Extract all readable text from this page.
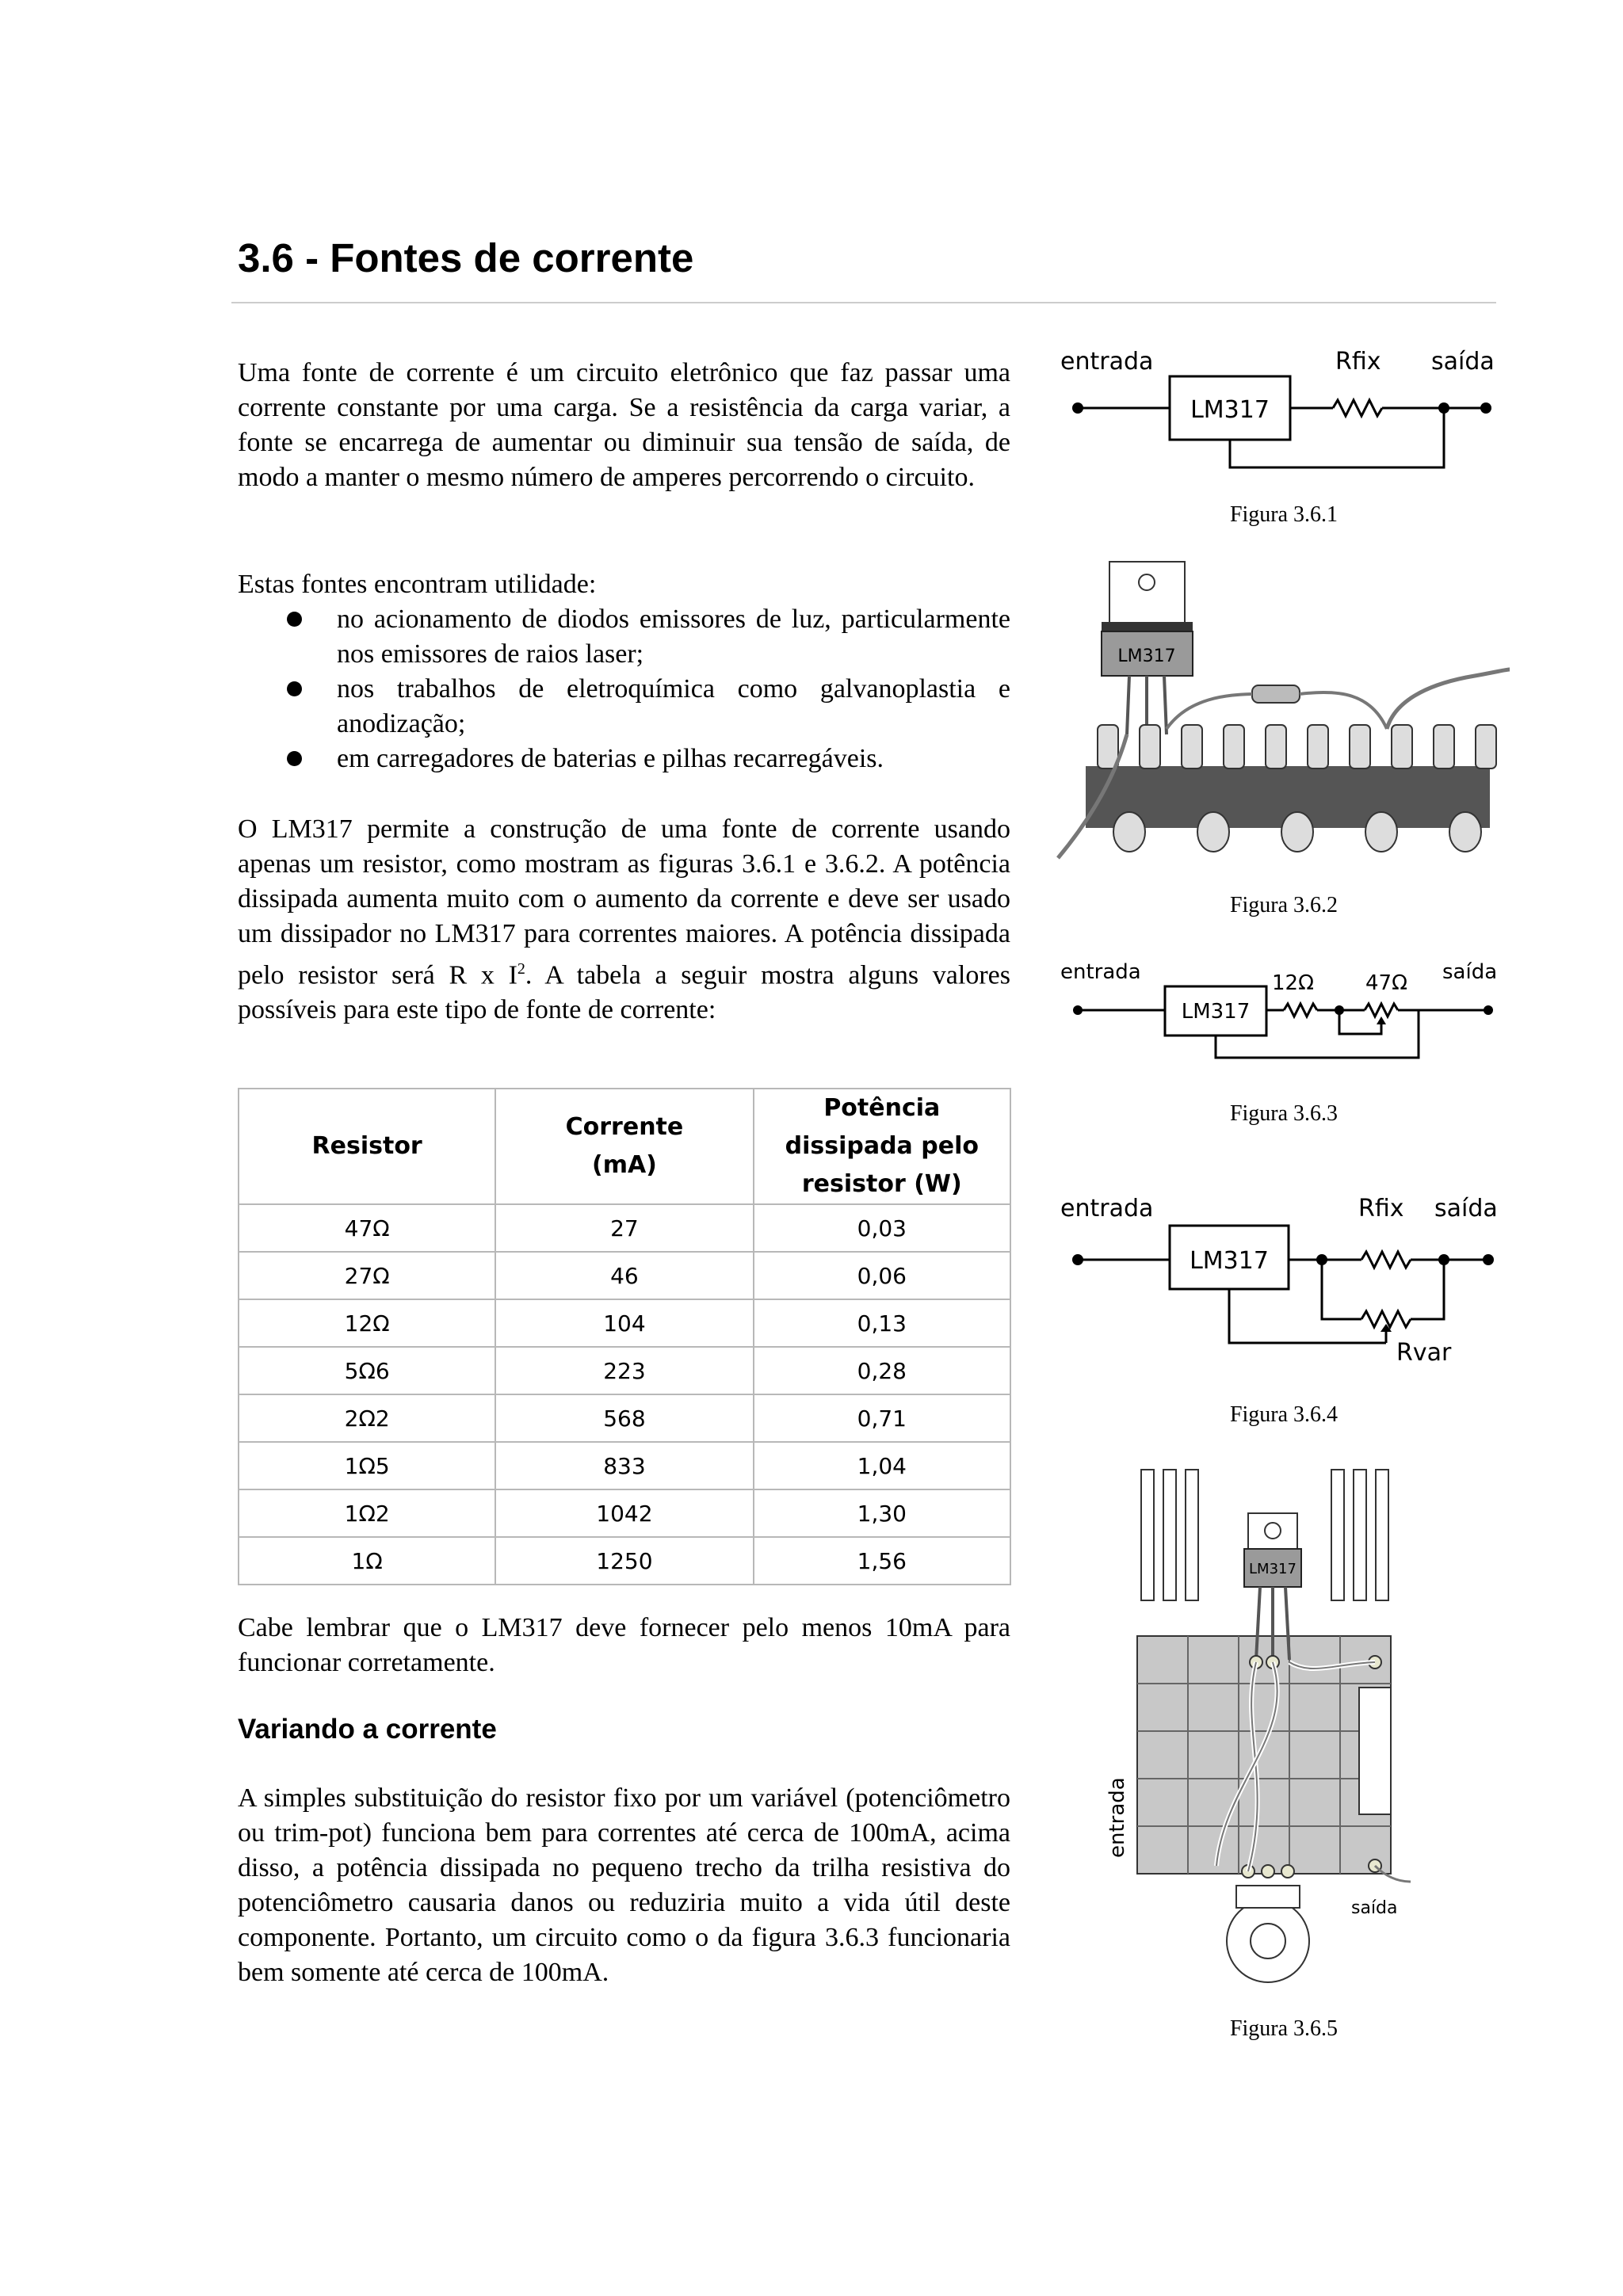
3.6 - Fontes de corrente

Uma fonte de corrente é um circuito eletrônico que faz passar uma corrente constante por uma carga. Se a resistência da carga variar, a fonte se encarrega de aumentar ou diminuir sua tensão de saída, de modo a manter o mesmo número de amperes percorrendo o circuito.

Estas fontes encontram utilidade:

no acionamento de diodos emissores de luz, particularmente nos emissores de raios laser;
nos trabalhos de eletroquímica como galvanoplastia e anodização;
em carregadores de baterias e pilhas recarregáveis.

O LM317 permite a construção de uma fonte de corrente usando apenas um resistor, como mostram as figuras 3.6.1 e 3.6.2. A potência dissipada aumenta muito com o aumento da corrente e deve ser usado um dissipador no LM317 para correntes maiores. A potência dissipada pelo resistor será R x $I^2$. A tabela a seguir mostra alguns valores possíveis para este tipo de fonte de corrente:

Resistor	Corrente (mA)	Potência dissipada pelo resistor (W)
47Ω	27	0,03
27Ω	46	0,06
12Ω	104	0,13
5Ω6	223	0,28
2Ω2	568	0,71
1Ω5	833	1,04
1Ω2	1042	1,30
1Ω	1250	1,56

Cabe lembrar que o LM317 deve fornecer pelo menos 10mA para funcionar corretamente.

Variando a corrente

A simples substituição do resistor fixo por um variável (potenciômetro ou trim-pot) funciona bem para correntes até cerca de 100mA, acima disso, a potência dissipada no pequeno trecho da trilha resistiva do potenciômetro causaria danos ou reduziria muito a vida útil deste componente. Portanto, um circuito como o da figura 3.6.3 funcionaria bem somente até cerca de 100mA.

entrada	Rfix saída
LM317
Figura 3.6.1
LM317
Figura 3.6.2
entrada	12Ω	47Ω saída
LM317
Figura 3.6.3
entrada	Rfix saída
Rvar
LM317
Figura 3.6.4
LM317
entrada
saída
Figura 3.6.5
